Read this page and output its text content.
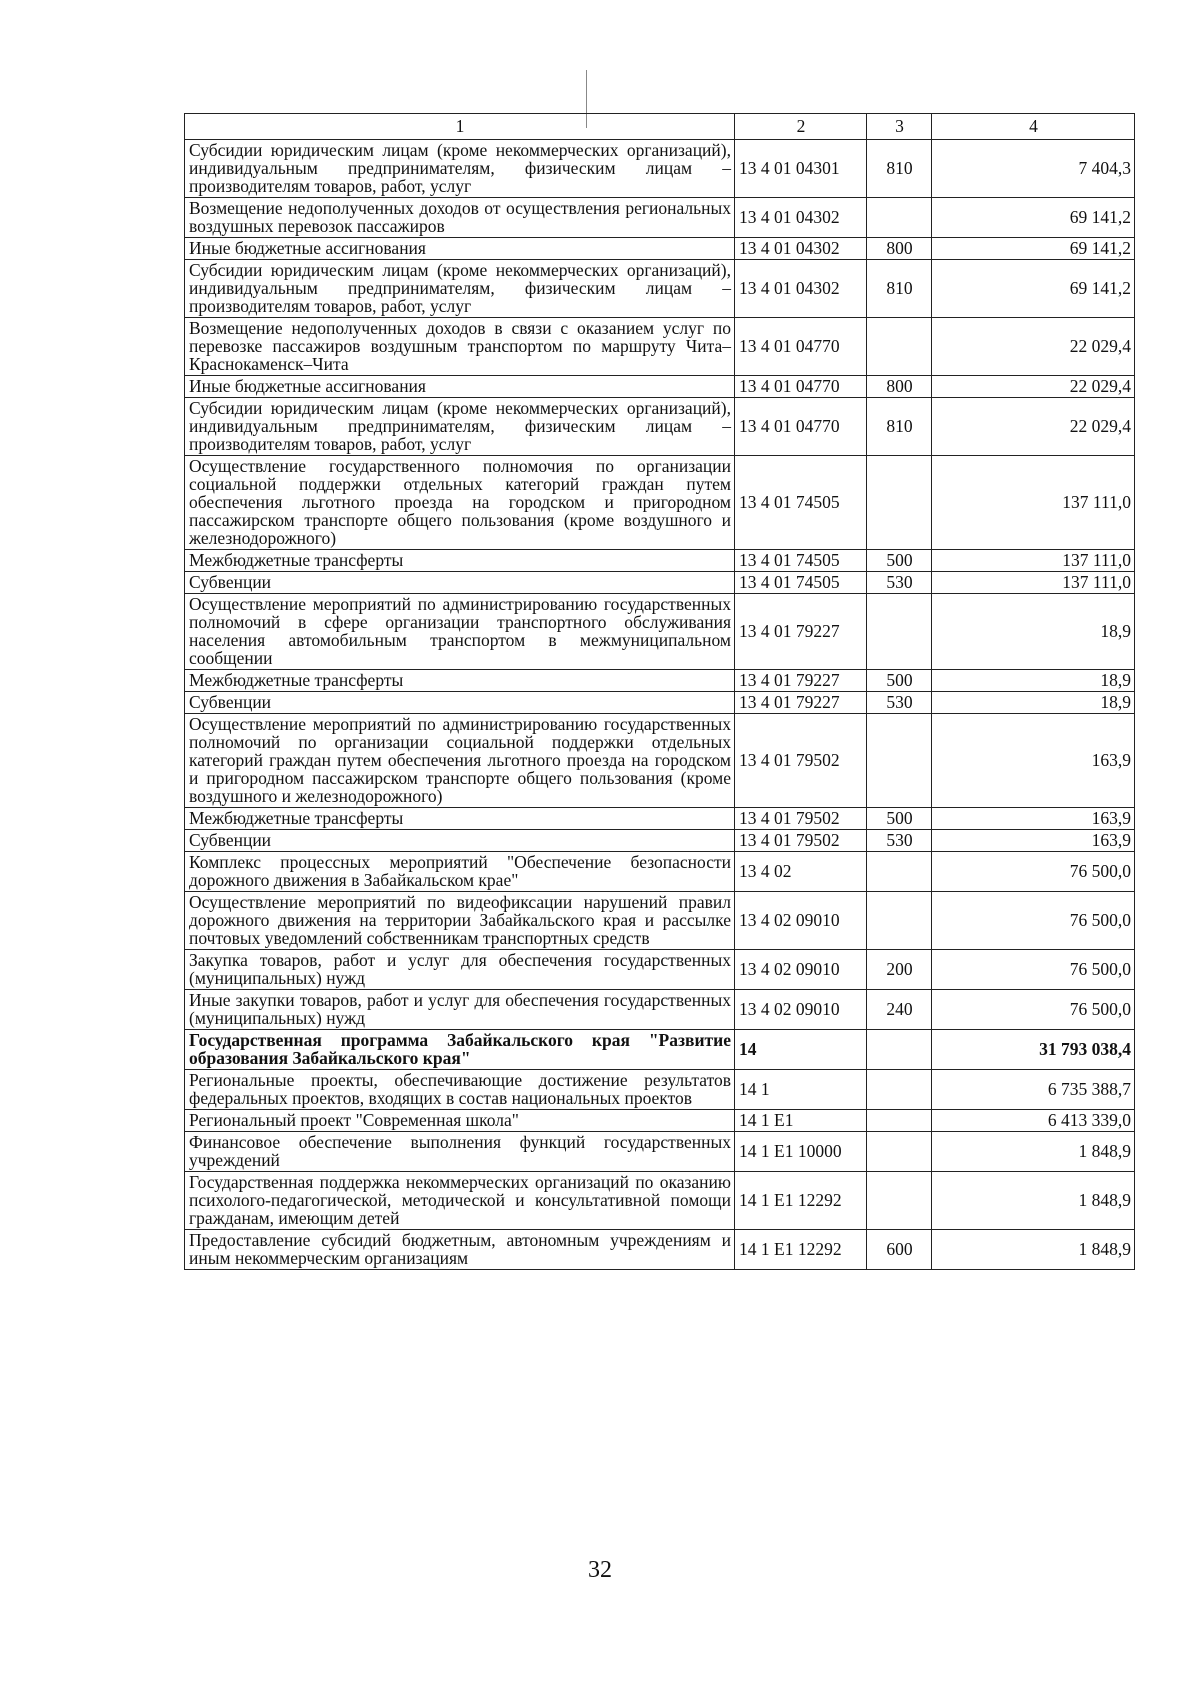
1	2	3	4
Субсидии юридическим лицам (кроме некоммерческих организаций), индивидуальным предпринимателям, физическим лицам – производителям товаров, работ, услуг	13 4 01 04301	810	7 404,3
Возмещение недополученных доходов от осуществления региональных воздушных перевозок пассажиров	13 4 01 04302		69 141,2
Иные бюджетные ассигнования	13 4 01 04302	800	69 141,2
Субсидии юридическим лицам (кроме некоммерческих организаций), индивидуальным предпринимателям, физическим лицам – производителям товаров, работ, услуг	13 4 01 04302	810	69 141,2
Возмещение недополученных доходов в связи с оказанием услуг по перевозке пассажиров воздушным транспортом по маршруту Чита–Краснокаменск–Чита	13 4 01 04770		22 029,4
Иные бюджетные ассигнования	13 4 01 04770	800	22 029,4
Субсидии юридическим лицам (кроме некоммерческих организаций), индивидуальным предпринимателям, физическим лицам – производителям товаров, работ, услуг	13 4 01 04770	810	22 029,4
Осуществление государственного полномочия по организации социальной поддержки отдельных категорий граждан путем обеспечения льготного проезда на городском и пригородном пассажирском транспорте общего пользования (кроме воздушного и железнодорожного)	13 4 01 74505		137 111,0
Межбюджетные трансферты	13 4 01 74505	500	137 111,0
Субвенции	13 4 01 74505	530	137 111,0
Осуществление мероприятий по администрированию государственных полномочий в сфере организации транспортного обслуживания населения автомобильным транспортом в межмуниципальном сообщении	13 4 01 79227		18,9
Межбюджетные трансферты	13 4 01 79227	500	18,9
Субвенции	13 4 01 79227	530	18,9
Осуществление мероприятий по администрированию государственных полномочий по организации социальной поддержки отдельных категорий граждан путем обеспечения льготного проезда на городском и пригородном пассажирском транспорте общего пользования (кроме воздушного и железнодорожного)	13 4 01 79502		163,9
Межбюджетные трансферты	13 4 01 79502	500	163,9
Субвенции	13 4 01 79502	530	163,9
Комплекс процессных мероприятий "Обеспечение безопасности дорожного движения в Забайкальском крае"	13 4 02		76 500,0
Осуществление мероприятий по видеофиксации нарушений правил дорожного движения на территории Забайкальского края и рассылке почтовых уведомлений собственникам транспортных средств	13 4 02 09010		76 500,0
Закупка товаров, работ и услуг для обеспечения государственных (муниципальных) нужд	13 4 02 09010	200	76 500,0
Иные закупки товаров, работ и услуг для обеспечения государственных (муниципальных) нужд	13 4 02 09010	240	76 500,0
Государственная программа Забайкальского края "Развитие образования Забайкальского края"	14		31 793 038,4
Региональные проекты, обеспечивающие достижение результатов федеральных проектов, входящих в состав национальных проектов	14 1		6 735 388,7
Региональный проект "Современная школа"	14 1 E1		6 413 339,0
Финансовое обеспечение выполнения функций государственных учреждений	14 1 E1 10000		1 848,9
Государственная поддержка некоммерческих организаций по оказанию психолого-педагогической, методической и консультативной помощи гражданам, имеющим детей	14 1 E1 12292		1 848,9
Предоставление субсидий бюджетным, автономным учреждениям и иным некоммерческим организациям	14 1 E1 12292	600	1 848,9
32
